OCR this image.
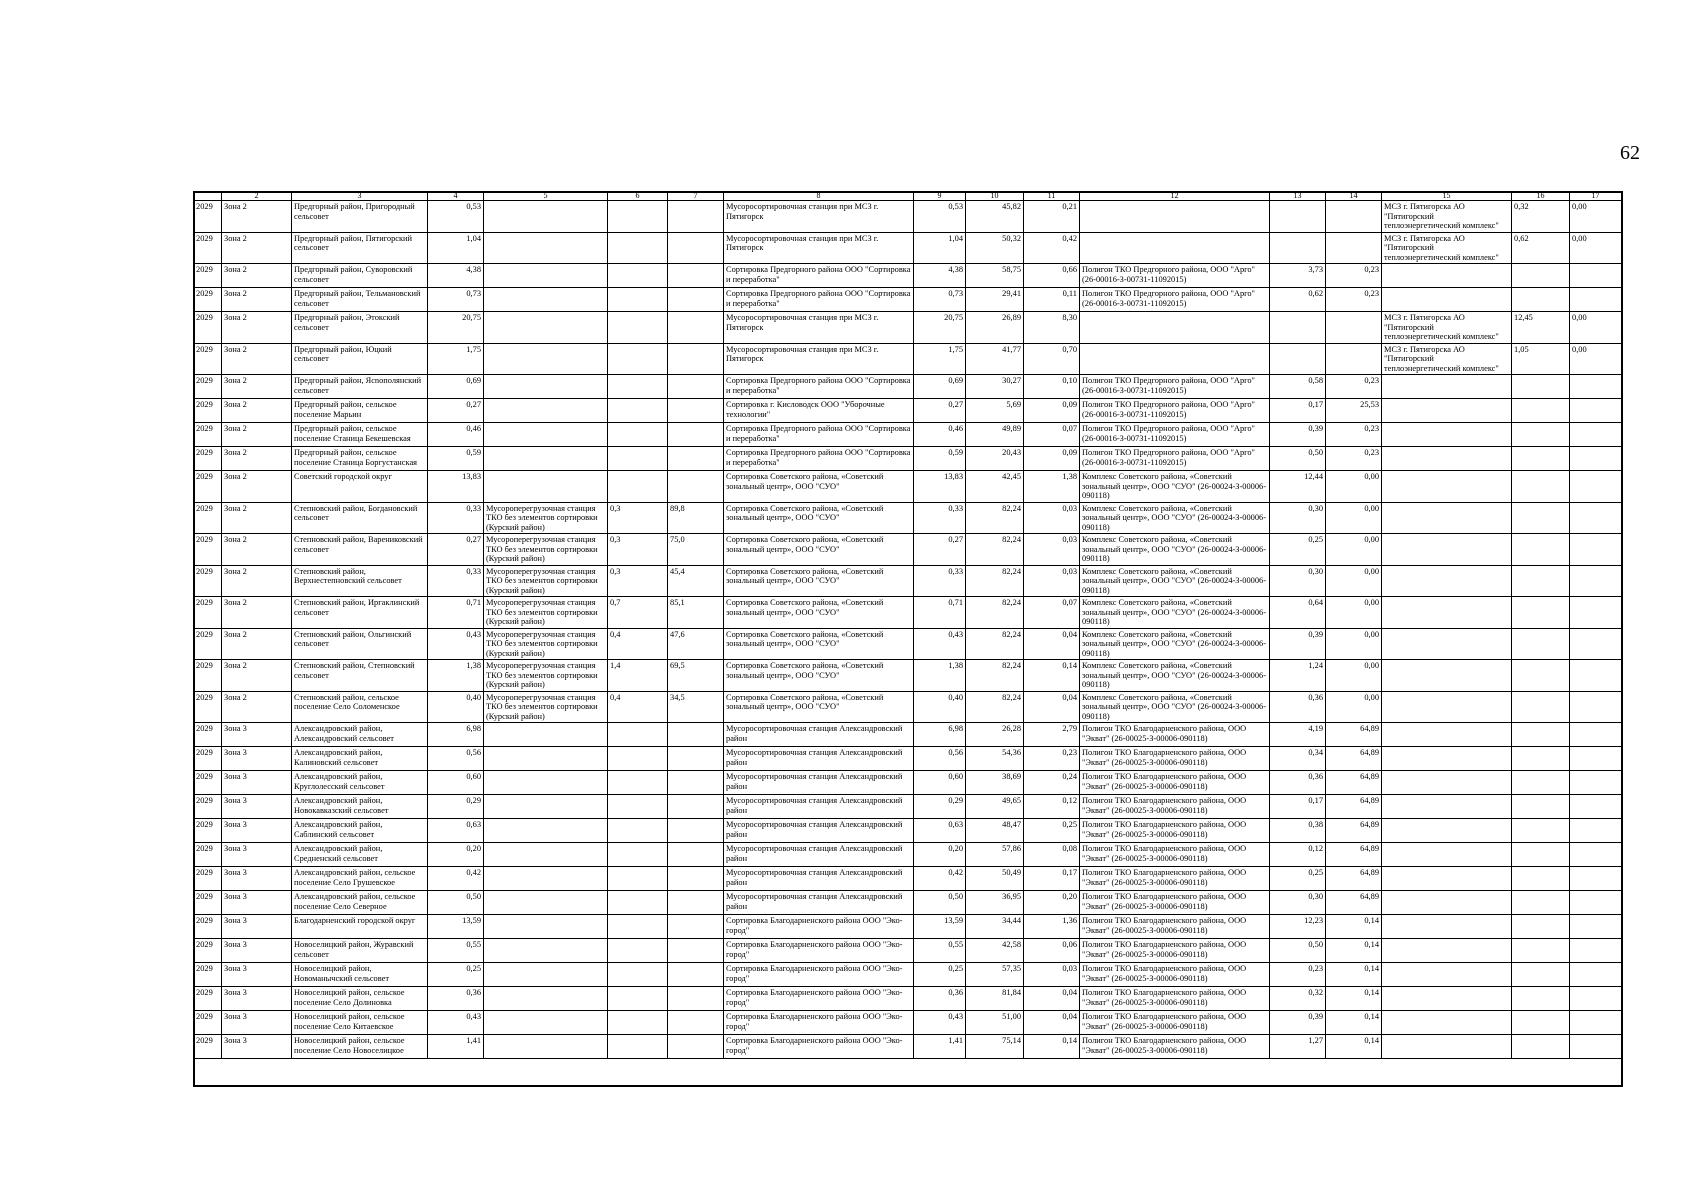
62
	2	3	4	5	6	7	8	9	10	11	12	13	14	15	16	17
2029	Зона 2	Предгорный район, Пригородный сельсовет	0,53				Мусоросортировочная станция при МСЗ г. Пятигорск	0,53	45,82	0,21				МСЗ г. Пятигорска АО "Пятигорский теплоэнергетический комплекс"	0,32	0,00
2029	Зона 2	Предгорный район, Пятигорский сельсовет	1,04				Мусоросортировочная станция при МСЗ г. Пятигорск	1,04	50,32	0,42				МСЗ г. Пятигорска АО "Пятигорский теплоэнергетический комплекс"	0,62	0,00
2029	Зона 2	Предгорный район, Суворовский сельсовет	4,38				Сортировка Предгорного района ООО "Сортировка и переработка"	4,38	58,75	0,66	Полигон ТКО Предгорного района, ООО "Арго" (26-00016-З-00731-11092015)	3,73	0,23			
2029	Зона 2	Предгорный район, Тельмановский сельсовет	0,73				Сортировка Предгорного района ООО "Сортировка и переработка"	0,73	29,41	0,11	Полигон ТКО Предгорного района, ООО "Арго" (26-00016-З-00731-11092015)	0,62	0,23			
2029	Зона 2	Предгорный район, Этокский сельсовет	20,75				Мусоросортировочная станция при МСЗ г. Пятигорск	20,75	26,89	8,30				МСЗ г. Пятигорска АО "Пятигорский теплоэнергетический комплекс"	12,45	0,00
2029	Зона 2	Предгорный район, Юцкий сельсовет	1,75				Мусоросортировочная станция при МСЗ г. Пятигорск	1,75	41,77	0,70				МСЗ г. Пятигорска АО "Пятигорский теплоэнергетический комплекс"	1,05	0,00
2029	Зона 2	Предгорный район, Ясnополянский сельсовет	0,69				Сортировка Предгорного района ООО "Сортировка и переработка"	0,69	30,27	0,10	Полигон ТКО Предгорного района, ООО "Арго" (26-00016-З-00731-11092015)	0,58	0,23			
2029	Зона 2	Предгорный район, сельское поселение Марьин	0,27				Сортировка г. Кисловодск ООО "Уборочные технологии"	0,27	5,69	0,09	Полигон ТКО Предгорного района, ООО "Арго" (26-00016-З-00731-11092015)	0,17	25,53			
2029	Зона 2	Предгорный район, сельское поселение Станица Бекешевская	0,46				Сортировка Предгорного района ООО "Сортировка и переработка"	0,46	49,89	0,07	Полигон ТКО Предгорного района, ООО "Арго" (26-00016-З-00731-11092015)	0,39	0,23			
2029	Зона 2	Предгорный район, сельское поселение Станица Боргустанская	0,59				Сортировка Предгорного района ООО "Сортировка и переработка"	0,59	20,43	0,09	Полигон ТКО Предгорного района, ООО "Арго" (26-00016-З-00731-11092015)	0,50	0,23			
2029	Зона 2	Советский городской округ	13,83				Сортировка Советского района, «Советский зональный центр», ООО "СУО"	13,83	42,45	1,38	Комплекс Советского района, «Советский зональный центр», ООО "СУО" (26-00024-З-00006-090118)	12,44	0,00			
2029	Зона 2	Степновский район, Богдановский сельсовет	0,33	Мусороперегрузочная станция ТКО без элементов сортировки (Курский район)	0,3	89,8	Сортировка Советского района, «Советский зональный центр», ООО "СУО"	0,33	82,24	0,03	Комплекс Советского района, «Советский зональный центр», ООО "СУО" (26-00024-З-00006-090118)	0,30	0,00			
2029	Зона 2	Степновский район, Варениковский сельсовет	0,27	Мусороперегрузочная станция ТКО без элементов сортировки (Курский район)	0,3	75,0	Сортировка Советского района, «Советский зональный центр», ООО "СУО"	0,27	82,24	0,03	Комплекс Советского района, «Советский зональный центр», ООО "СУО" (26-00024-З-00006-090118)	0,25	0,00			
2029	Зона 2	Степновский район, Верхнестепновский сельсовет	0,33	Мусороперегрузочная станция ТКО без элементов сортировки (Курский район)	0,3	45,4	Сортировка Советского района, «Советский зональный центр», ООО "СУО"	0,33	82,24	0,03	Комплекс Советского района, «Советский зональный центр», ООО "СУО" (26-00024-З-00006-090118)	0,30	0,00			
2029	Зона 2	Степновский район, Иргаклинский сельсовет	0,71	Мусороперегрузочная станция ТКО без элементов сортировки (Курский район)	0,7	85,1	Сортировка Советского района, «Советский зональный центр», ООО "СУО"	0,71	82,24	0,07	Комплекс Советского района, «Советский зональный центр», ООО "СУО" (26-00024-З-00006-090118)	0,64	0,00			
2029	Зона 2	Степновский район, Ольгинский сельсовет	0,43	Мусороперегрузочная станция ТКО без элементов сортировки (Курский район)	0,4	47,6	Сортировка Советского района, «Советский зональный центр», ООО "СУО"	0,43	82,24	0,04	Комплекс Советского района, «Советский зональный центр», ООО "СУО" (26-00024-З-00006-090118)	0,39	0,00			
2029	Зона 2	Степновский район, Степновский сельсовет	1,38	Мусороперегрузочная станция ТКО без элементов сортировки (Курский район)	1,4	69,5	Сортировка Советского района, «Советский зональный центр», ООО "СУО"	1,38	82,24	0,14	Комплекс Советского района, «Советский зональный центр», ООО "СУО" (26-00024-З-00006-090118)	1,24	0,00			
2029	Зона 2	Степновский район, сельское поселение Село Соломенское	0,40	Мусороперегрузочная станция ТКО без элементов сортировки (Курский район)	0,4	34,5	Сортировка Советского района, «Советский зональный центр», ООО "СУО"	0,40	82,24	0,04	Комплекс Советского района, «Советский зональный центр», ООО "СУО" (26-00024-З-00006-090118)	0,36	0,00			
2029	Зона 3	Александровский район, Александровский сельсовет	6,98				Мусоросортировочная станция Александровский район	6,98	26,28	2,79	Полигон ТКО Благодарненского района, ООО "Экват" (26-00025-З-00006-090118)	4,19	64,89			
2029	Зона 3	Александровский район, Калиновский сельсовет	0,56				Мусоросортировочная станция Александровский район	0,56	54,36	0,23	Полигон ТКО Благодарненского района, ООО "Экват" (26-00025-З-00006-090118)	0,34	64,89			
2029	Зона 3	Александровский район, Круглолесский сельсовет	0,60				Мусоросортировочная станция Александровский район	0,60	38,69	0,24	Полигон ТКО Благодарненского района, ООО "Экват" (26-00025-З-00006-090118)	0,36	64,89			
2029	Зона 3	Александровский район, Новокавказский сельсовет	0,29				Мусоросортировочная станция Александровский район	0,29	49,65	0,12	Полигон ТКО Благодарненского района, ООО "Экват" (26-00025-З-00006-090118)	0,17	64,89			
2029	Зона 3	Александровский район, Саблинский сельсовет	0,63				Мусоросортировочная станция Александровский район	0,63	48,47	0,25	Полигон ТКО Благодарненского района, ООО "Экват" (26-00025-З-00006-090118)	0,38	64,89			
2029	Зона 3	Александровский район, Средненский сельсовет	0,20				Мусоросортировочная станция Александровский район	0,20	57,86	0,08	Полигон ТКО Благодарненского района, ООО "Экват" (26-00025-З-00006-090118)	0,12	64,89			
2029	Зона 3	Александровский район, сельское поселение Село Грушевское	0,42				Мусоросортировочная станция Александровский район	0,42	50,49	0,17	Полигон ТКО Благодарненского района, ООО "Экват" (26-00025-З-00006-090118)	0,25	64,89			
2029	Зона 3	Александровский район, сельское поселение Село Северное	0,50				Мусоросортировочная станция Александровский район	0,50	36,95	0,20	Полигон ТКО Благодарненского района, ООО "Экват" (26-00025-З-00006-090118)	0,30	64,89			
2029	Зона 3	Благодарненский городской округ	13,59				Сортировка Благодарненского района ООО "Эко-город"	13,59	34,44	1,36	Полигон ТКО Благодарненского района, ООО "Экват" (26-00025-З-00006-090118)	12,23	0,14			
2029	Зона 3	Новоселицкий район, Журавский сельсовет	0,55				Сортировка Благодарненского района ООО "Эко-город"	0,55	42,58	0,06	Полигон ТКО Благодарненского района, ООО "Экват" (26-00025-З-00006-090118)	0,50	0,14			
2029	Зона 3	Новоселицкий район, Новоманычский сельсовет	0,25				Сортировка Благодарненского района ООО "Эко-город"	0,25	57,35	0,03	Полигон ТКО Благодарненского района, ООО "Экват" (26-00025-З-00006-090118)	0,23	0,14			
2029	Зона 3	Новоселицкий район, сельское поселение Село Долиновка	0,36				Сортировка Благодарненского района ООО "Эко-город"	0,36	81,84	0,04	Полигон ТКО Благодарненского района, ООО "Экват" (26-00025-З-00006-090118)	0,32	0,14			
2029	Зона 3	Новоселицкий район, сельское поселение Село Китаевское	0,43				Сортировка Благодарненского района ООО "Эко-город"	0,43	51,00	0,04	Полигон ТКО Благодарненского района, ООО "Экват" (26-00025-З-00006-090118)	0,39	0,14			
2029	Зона 3	Новоселицкий район, сельское поселение Село Новоселицкое	1,41				Сортировка Благодарненского района ООО "Эко-город"	1,41	75,14	0,14	Полигон ТКО Благодарненского района, ООО "Экват" (26-00025-З-00006-090118)	1,27	0,14			
